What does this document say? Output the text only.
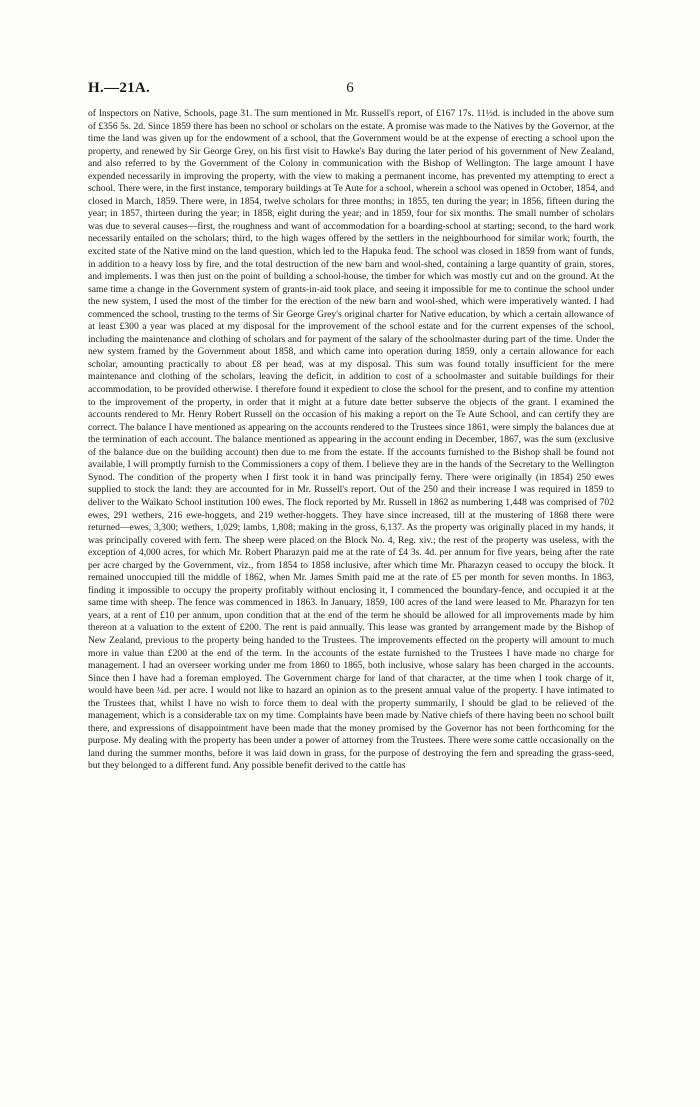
H.—21A.	6

of Inspectors on Native, Schools, page 31. The sum mentioned in Mr. Russell's report, of £167 17s. 11½d. is included in the above sum of £356 5s. 2d. Since 1859 there has been no school or scholars on the estate. A promise was made to the Natives by the Governor, at the time the land was given up for the endowment of a school, that the Government would be at the expense of erecting a school upon the property, and renewed by Sir George Grey, on his first visit to Hawke's Bay during the later period of his government of New Zealand, and also referred to by the Government of the Colony in communication with the Bishop of Wellington. The large amount I have expended necessarily in improving the property, with the view to making a permanent income, has prevented my attempting to erect a school. There were, in the first instance, temporary buildings at Te Aute for a school, wherein a school was opened in October, 1854, and closed in March, 1859. There were, in 1854, twelve scholars for three months; in 1855, ten during the year; in 1856, fifteen during the year; in 1857, thirteen during the year; in 1858, eight during the year; and in 1859, four for six months. The small number of scholars was due to several causes—first, the roughness and want of accommodation for a boarding-school at starting; second, to the hard work necessarily entailed on the scholars; third, to the high wages offered by the settlers in the neighbourhood for similar work; fourth, the excited state of the Native mind on the land question, which led to the Hapuka feud. The school was closed in 1859 from want of funds, in addition to a heavy loss by fire, and the total destruction of the new barn and wool-shed, containing a large quantity of grain, stores, and implements. I was then just on the point of building a school-house, the timber for which was mostly cut and on the ground. At the same time a change in the Government system of grants-in-aid took place, and seeing it impossible for me to continue the school under the new system, I used the most of the timber for the erection of the new barn and wool-shed, which were imperatively wanted. I had commenced the school, trusting to the terms of Sir George Grey's original charter for Native education, by which a certain allowance of at least £300 a year was placed at my disposal for the improvement of the school estate and for the current expenses of the school, including the maintenance and clothing of scholars and for payment of the salary of the schoolmaster during part of the time. Under the new system framed by the Government about 1858, and which came into operation during 1859, only a certain allowance for each scholar, amounting practically to about £8 per head, was at my disposal. This sum was found totally insufficient for the mere maintenance and clothing of the scholars, leaving the deficit, in addition to cost of a schoolmaster and suitable buildings for their accommodation, to be provided otherwise. I therefore found it expedient to close the school for the present, and to confine my attention to the improvement of the property, in order that it might at a future date better subserve the objects of the grant. I examined the accounts rendered to Mr. Henry Robert Russell on the occasion of his making a report on the Te Aute School, and can certify they are correct. The balance I have mentioned as appearing on the accounts rendered to the Trustees since 1861, were simply the balances due at the termination of each account. The balance mentioned as appearing in the account ending in December, 1867, was the sum (exclusive of the balance due on the building account) then due to me from the estate. If the accounts furnished to the Bishop shall be found not available, I will promptly furnish to the Commissioners a copy of them. I believe they are in the hands of the Secretary to the Wellington Synod. The condition of the property when I first took it in hand was principally ferny. There were originally (in 1854) 250 ewes supplied to stock the land: they are accounted for in Mr. Russell's report. Out of the 250 and their increase I was required in 1859 to deliver to the Waikato School institution 100 ewes. The flock reported by Mr. Russell in 1862 as numbering 1,448 was comprised of 702 ewes, 291 wethers, 216 ewe-hoggets, and 219 wether-hoggets. They have since increased, till at the mustering of 1868 there were returned—ewes, 3,300; wethers, 1,029; lambs, 1,808; making in the gross, 6,137. As the property was originally placed in my hands, it was principally covered with fern. The sheep were placed on the Block No. 4, Reg. xiv.; the rest of the property was useless, with the exception of 4,000 acres, for which Mr. Robert Pharazyn paid me at the rate of £4 3s. 4d. per annum for five years, being after the rate per acre charged by the Government, viz., from 1854 to 1858 inclusive, after which time Mr. Pharazyn ceased to occupy the block. It remained unoccupied till the middle of 1862, when Mr. James Smith paid me at the rate of £5 per month for seven months. In 1863, finding it impossible to occupy the property profitably without enclosing it, I commenced the boundary-fence, and occupied it at the same time with sheep. The fence was commenced in 1863. In January, 1859, 100 acres of the land were leased to Mr. Pharazyn for ten years, at a rent of £10 per annum, upon condition that at the end of the term he should be allowed for all improvements made by him thereon at a valuation to the extent of £200. The rent is paid annually. This lease was granted by arrangement made by the Bishop of New Zealand, previous to the property being handed to the Trustees. The improvements effected on the property will amount to much more in value than £200 at the end of the term. In the accounts of the estate furnished to the Trustees I have made no charge for management. I had an overseer working under me from 1860 to 1865, both inclusive, whose salary has been charged in the accounts. Since then I have had a foreman employed. The Government charge for land of that character, at the time when I took charge of it, would have been ¼d. per acre. I would not like to hazard an opinion as to the present annual value of the property. I have intimated to the Trustees that, whilst I have no wish to force them to deal with the property summarily, I should be glad to be relieved of the management, which is a considerable tax on my time. Complaints have been made by Native chiefs of there having been no school built there, and expressions of disappointment have been made that the money promised by the Governor has not been forthcoming for the purpose. My dealing with the property has been under a power of attorney from the Trustees. There were some cattle occasionally on the land during the summer months, before it was laid down in grass, for the purpose of destroying the fern and spreading the grass-seed, but they belonged to a different fund. Any possible benefit derived to the cattle has
